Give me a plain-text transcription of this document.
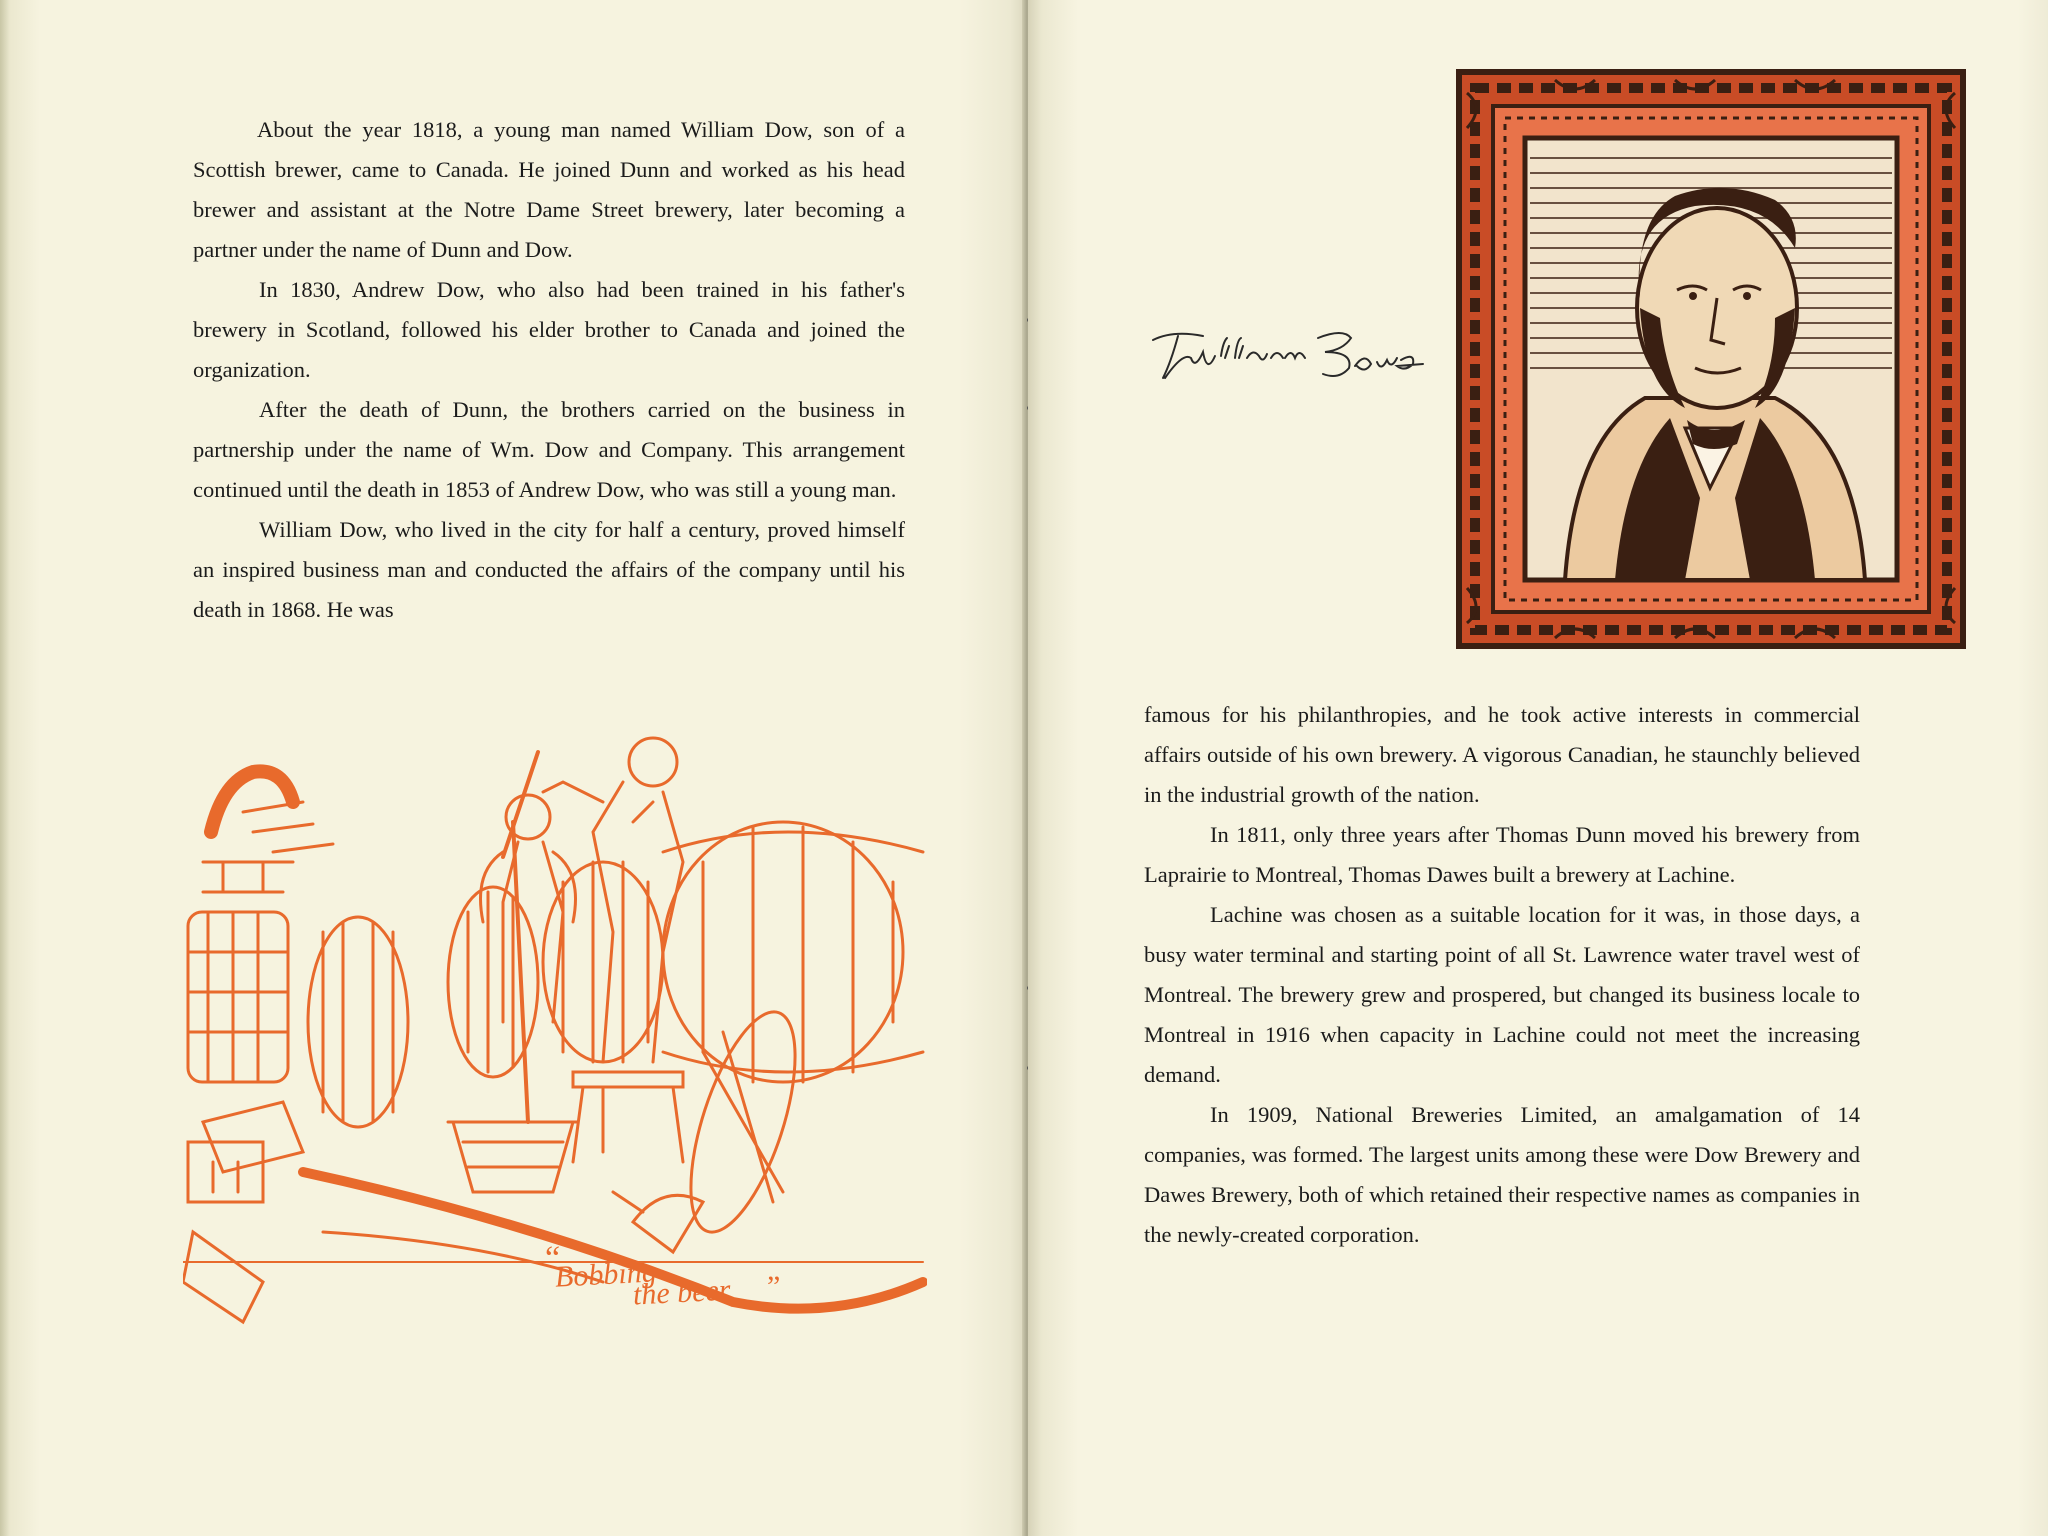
About the year 1818, a young man named William Dow, son of a Scottish brewer, came to Canada. He joined Dunn and worked as his head brewer and assistant at the Notre Dame Street brewery, later becoming a partner under the name of Dunn and Dow.

In 1830, Andrew Dow, who also had been trained in his father's brewery in Scotland, followed his elder brother to Canada and joined the organization.

After the death of Dunn, the brothers carried on the business in partnership under the name of Wm. Dow and Company. This arrangement continued until the death in 1853 of Andrew Dow, who was still a young man.

William Dow, who lived in the city for half a century, proved himself an inspired business man and conducted the affairs of the company until his death in 1868. He was

“
Bobbing
the beer ”

famous for his philanthropies, and he took active interests in commercial affairs outside of his own brewery. A vigorous Canadian, he staunchly believed in the industrial growth of the nation.

In 1811, only three years after Thomas Dunn moved his brewery from Laprairie to Montreal, Thomas Dawes built a brewery at Lachine.

Lachine was chosen as a suitable location for it was, in those days, a busy water terminal and starting point of all St. Lawrence water travel west of Montreal. The brewery grew and prospered, but changed its business locale to Montreal in 1916 when capacity in Lachine could not meet the increasing demand.

In 1909, National Breweries Limited, an amalgamation of 14 companies, was formed. The largest units among these were Dow Brewery and Dawes Brewery, both of which retained their respective names as companies in the newly-created corporation.
